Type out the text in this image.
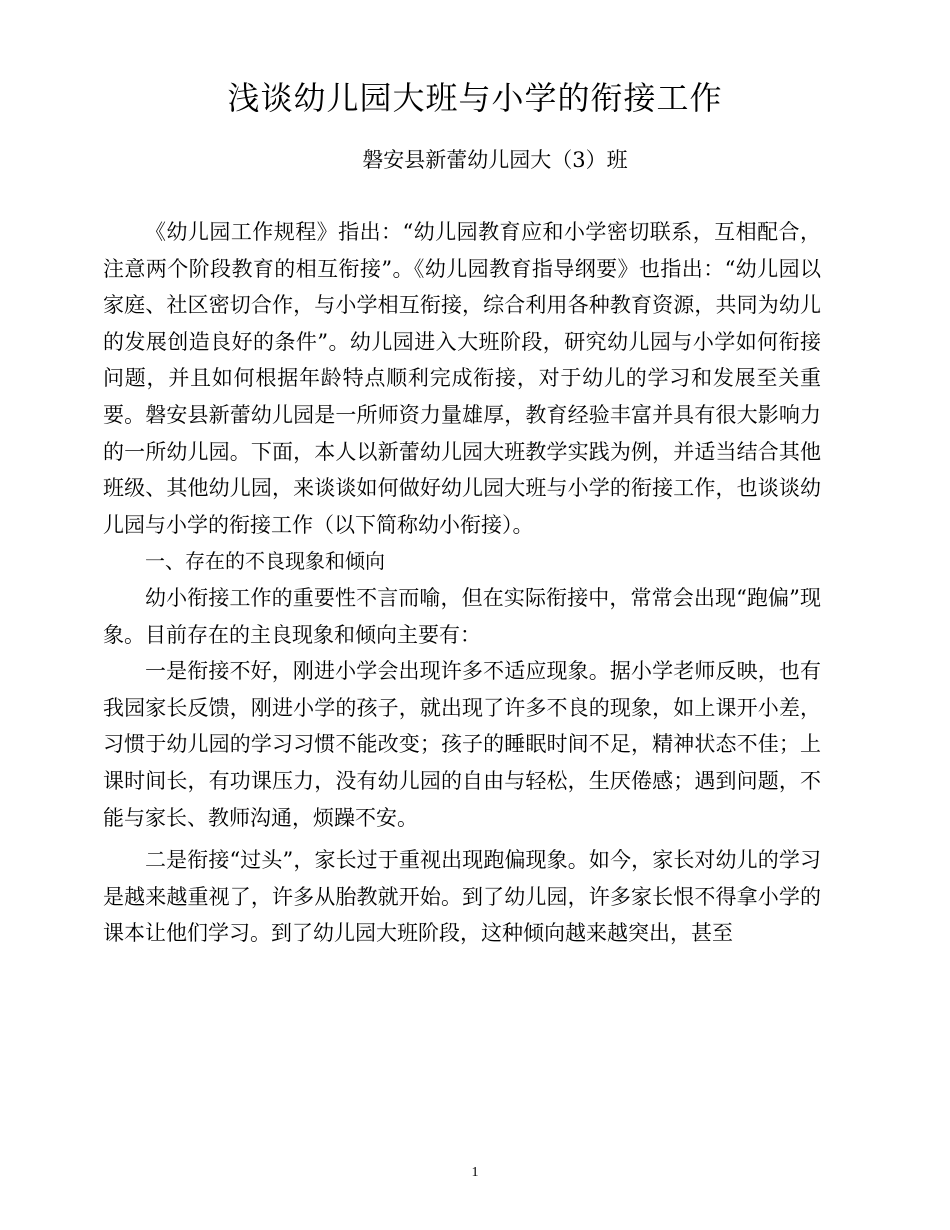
浅谈幼儿园大班与小学的衔接工作
磐安县新蕾幼儿园大（3）班

《幼儿园工作规程》指出：“幼儿园教育应和小学密切联系，互相配合，注意两个阶段教育的相互衔接”。《幼儿园教育指导纲要》也指出：“幼儿园以家庭、社区密切合作，与小学相互衔接，综合利用各种教育资源，共同为幼儿的发展创造良好的条件”。幼儿园进入大班阶段，研究幼儿园与小学如何衔接问题，并且如何根据年龄特点顺利完成衔接，对于幼儿的学习和发展至关重要。磐安县新蕾幼儿园是一所师资力量雄厚，教育经验丰富并具有很大影响力的一所幼儿园。下面，本人以新蕾幼儿园大班教学实践为例，并适当结合其他班级、其他幼儿园，来谈谈如何做好幼儿园大班与小学的衔接工作，也谈谈幼儿园与小学的衔接工作（以下简称幼小衔接）。

一、存在的不良现象和倾向

幼小衔接工作的重要性不言而喻，但在实际衔接中，常常会出现“跑偏”现象。目前存在的主良现象和倾向主要有：

一是衔接不好，刚进小学会出现许多不适应现象。据小学老师反映，也有我园家长反馈，刚进小学的孩子，就出现了许多不良的现象，如上课开小差，习惯于幼儿园的学习习惯不能改变；孩子的睡眠时间不足，精神状态不佳；上课时间长，有功课压力，没有幼儿园的自由与轻松，生厌倦感；遇到问题，不能与家长、教师沟通，烦躁不安。

二是衔接“过头”，家长过于重视出现跑偏现象。如今，家长对幼儿的学习是越来越重视了，许多从胎教就开始。到了幼儿园，许多家长恨不得拿小学的课本让他们学习。到了幼儿园大班阶段，这种倾向越来越突出，甚至

1
